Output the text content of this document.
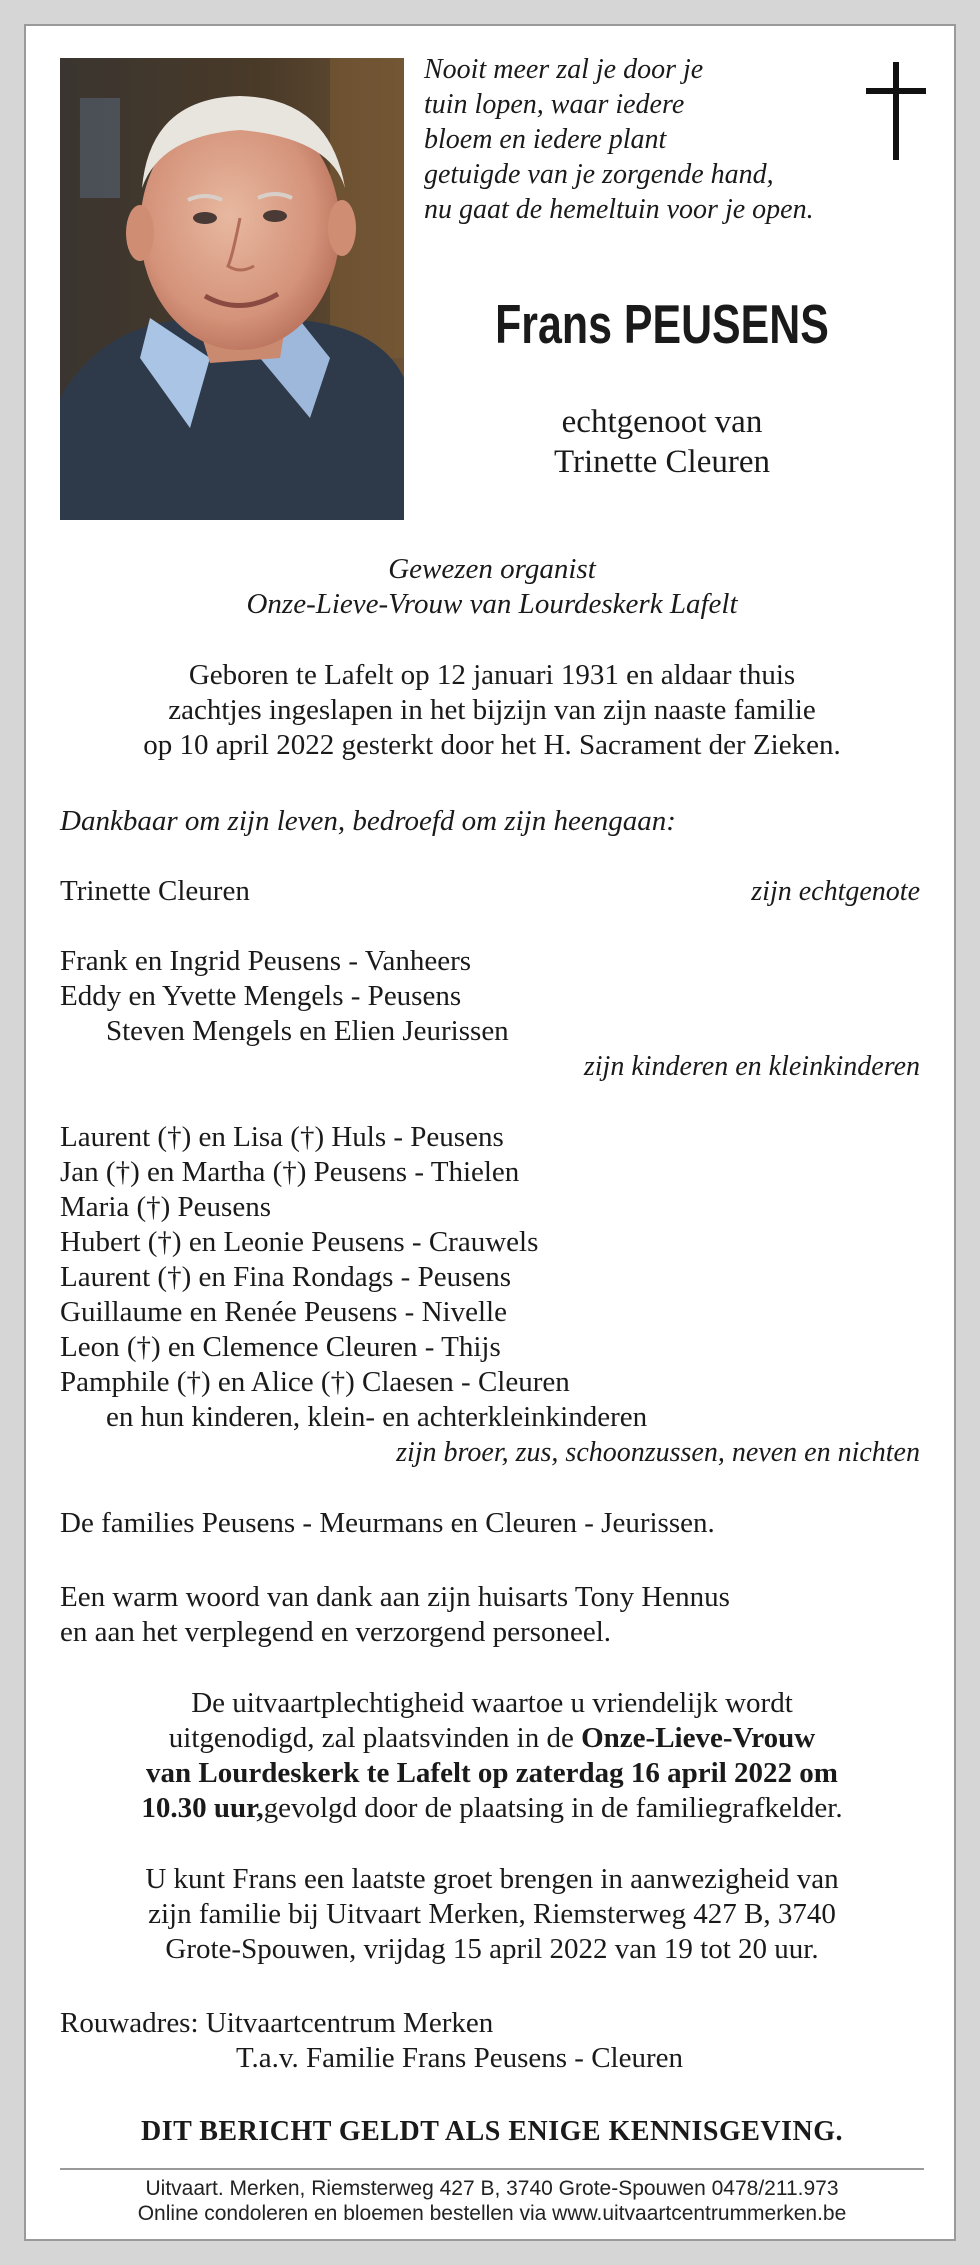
Nooit meer zal je door je
tuin lopen, waar iedere
bloem en iedere plant
getuigde van je zorgende hand,
nu gaat de hemeltuin voor je open.
Frans PEUSENS
echtgenoot van
Trinette Cleuren
Gewezen organist
Onze-Lieve-Vrouw van Lourdeskerk Lafelt
Geboren te Lafelt op 12 januari 1931 en aldaar thuis
zachtjes ingeslapen in het bijzijn van zijn naaste familie
op 10 april 2022 gesterkt door het H. Sacrament der Zieken.
Dankbaar om zijn leven, bedroefd om zijn heengaan:
Trinette Cleuren	zijn echtgenote
Frank en Ingrid Peusens - Vanheers
Eddy en Yvette Mengels - Peusens
Steven Mengels en Elien Jeurissen
zijn kinderen en kleinkinderen
Laurent (†) en Lisa (†) Huls - Peusens
Jan (†) en Martha (†) Peusens - Thielen
Maria (†) Peusens
Hubert (†) en Leonie Peusens - Crauwels
Laurent (†) en Fina Rondags - Peusens
Guillaume en Renée Peusens - Nivelle
Leon (†) en Clemence Cleuren - Thijs
Pamphile (†) en Alice (†) Claesen - Cleuren
en hun kinderen, klein- en achterkleinkinderen
zijn broer, zus, schoonzussen, neven en nichten
De families Peusens - Meurmans en Cleuren - Jeurissen.
Een warm woord van dank aan zijn huisarts Tony Hennus
en aan het verplegend en verzorgend personeel.
De uitvaartplechtigheid waartoe u vriendelijk wordt
uitgenodigd, zal plaatsvinden in de Onze-Lieve-Vrouw
van Lourdeskerk te Lafelt op zaterdag 16 april 2022 om
10.30 uur,gevolgd door de plaatsing in de familiegrafkelder.
U kunt Frans een laatste groet brengen in aanwezigheid van
zijn familie bij Uitvaart Merken, Riemsterweg 427 B, 3740
Grote-Spouwen, vrijdag 15 april 2022 van 19 tot 20 uur.
Rouwadres: Uitvaartcentrum Merken
T.a.v. Familie Frans Peusens - Cleuren
DIT BERICHT GELDT ALS ENIGE KENNISGEVING.
Uitvaart. Merken, Riemsterweg 427 B, 3740 Grote-Spouwen 0478/211.973
Online condoleren en bloemen bestellen via www.uitvaartcentrummerken.be
